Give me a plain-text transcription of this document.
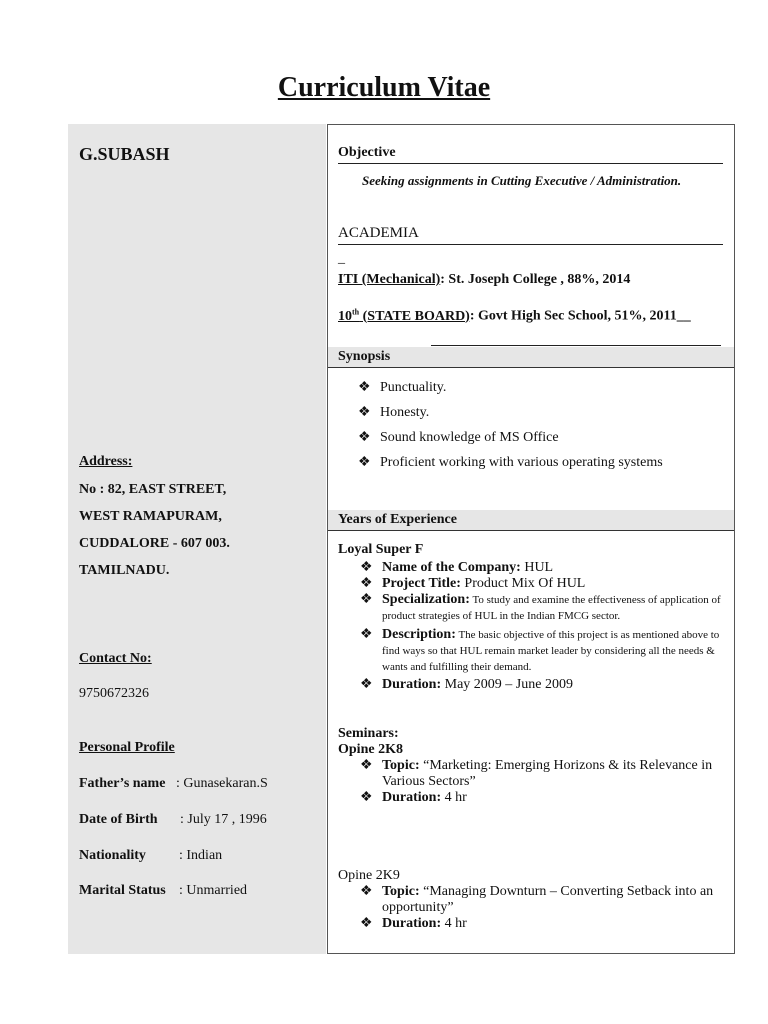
Curriculum Vitae
G.SUBASH
Address:
No : 82, EAST STREET,
WEST RAMAPURAM,
CUDDALORE - 607 003.
TAMILNADU.
Contact No:
9750672326
Personal Profile
Father’s name : Gunasekaran.S
Date of Birth : July 17 , 1996
Nationality : Indian
Marital Status : Unmarried
Objective
Seeking assignments in Cutting Executive / Administration.
ACADEMIA
_
ITI (Mechanical): St. Joseph College , 88%, 2014
10th (STATE BOARD): Govt High Sec School, 51%, 2011__
Synopsis
❖ Punctuality.
❖ Honesty.
❖ Sound knowledge of MS Office
❖ Proficient working with various operating systems
Years of Experience
Loyal Super F
❖ Name of the Company: HUL
❖ Project Title: Product Mix Of HUL
❖ Specialization: To study and examine the effectiveness of application of product strategies of HUL in the Indian FMCG sector.
❖ Description: The basic objective of this project is as mentioned above to find ways so that HUL remain market leader by considering all the needs & wants and fulfilling their demand.
❖ Duration: May 2009 – June 2009
Seminars:
Opine 2K8
❖ Topic: “Marketing: Emerging Horizons & its Relevance in Various Sectors”
❖ Duration: 4 hr
Opine 2K9
❖ Topic: “Managing Downturn – Converting Setback into an opportunity”
❖ Duration: 4 hr
